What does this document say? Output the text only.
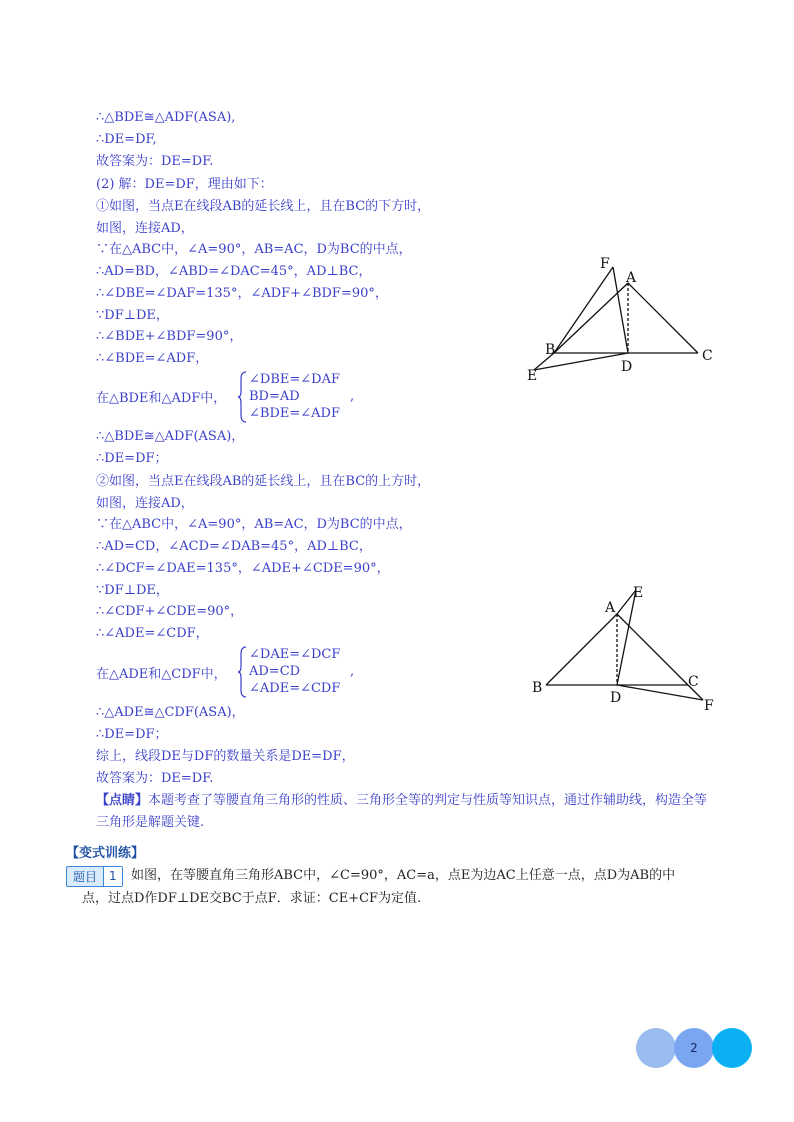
∴△BDE≅△ADF(ASA),
∴DE=DF,
故答案为：DE=DF.
(2) 解：DE=DF，理由如下：
①如图，当点E在线段AB的延长线上，且在BC的下方时，
如图，连接AD，
∵在△ABC中，∠A=90°，AB=AC，D为BC的中点，
∴AD=BD，∠ABD=∠DAC=45°，AD⊥BC，
∴∠DBE=∠DAF=135°，∠ADF+∠BDF=90°，
∵DF⊥DE，
∴∠BDE+∠BDF=90°，
∴∠BDE=∠ADF，
在△BDE和△ADF中，
∠DBE=∠DAF
BD=AD
∠BDE=∠ADF
,
∴△BDE≅△ADF(ASA)，
∴DE=DF；
②如图，当点E在线段AB的延长线上，且在BC的上方时，
如图，连接AD，
∵在△ABC中，∠A=90°，AB=AC，D为BC的中点，
∴AD=CD，∠ACD=∠DAB=45°，AD⊥BC，
∴∠DCF=∠DAE=135°，∠ADE+∠CDE=90°，
∵DF⊥DE，
∴∠CDF+∠CDE=90°，
∴∠ADE=∠CDF，
在△ADE和△CDF中，
∠DAE=∠DCF
AD=CD
∠ADE=∠CDF
,
∴△ADE≅△CDF(ASA)，
∴DE=DF；
综上，线段DE与DF的数量关系是DE=DF，
故答案为：DE=DF.
【点睛】本题考查了等腰直角三角形的性质、三角形全等的判定与性质等知识点，通过作辅助线，构造全等
三角形是解题关键.
【变式训练】
题目	1	如图，在等腰直角三角形ABC中，∠C=90°，AC=a，点E为边AC上任意一点，点D为AB的中
点，过点D作DF⊥DE交BC于点F．求证：CE+CF为定值.
F
A
B	C
D
E
A
E
B	C
D	F
2
